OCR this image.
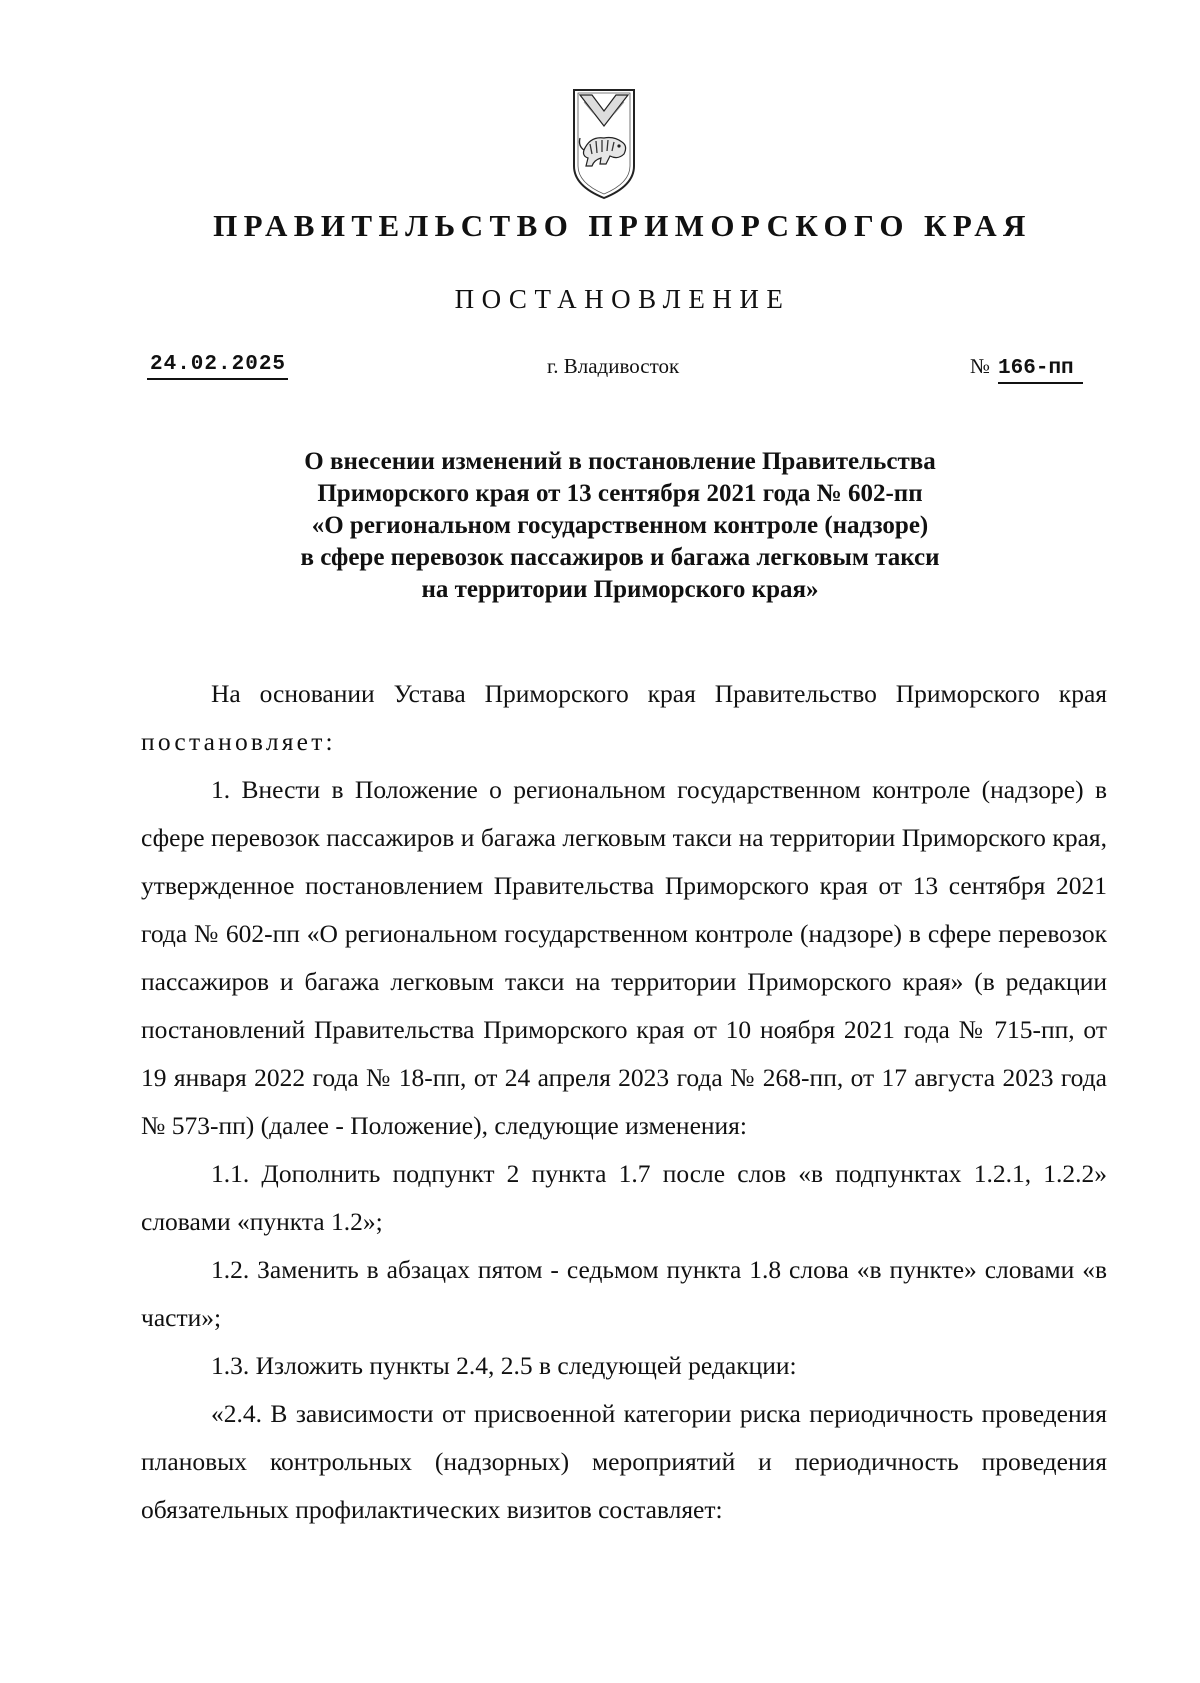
ПРАВИТЕЛЬСТВО ПРИМОРСКОГО КРАЯ
ПОСТАНОВЛЕНИЕ
24.02.2025	г. Владивосток	№ 166-пп
О внесении изменений в постановление Правительства
Приморского края от 13 сентября 2021 года № 602-пп
«О региональном государственном контроле (надзоре)
в сфере перевозок пассажиров и багажа легковым такси
на территории Приморского края»

На основании Устава Приморского края Правительство Приморского края постановляет:

1. Внести в Положение о региональном государственном контроле (надзоре) в сфере перевозок пассажиров и багажа легковым такси на территории Приморского края, утвержденное постановлением Правительства Приморского края от 13 сентября 2021 года № 602-пп «О региональном государственном контроле (надзоре) в сфере перевозок пассажиров и багажа легковым такси на территории Приморского края» (в редакции постановлений Правительства Приморского края от 10 ноября 2021 года № 715-пп, от 19 января 2022 года № 18-пп, от 24 апреля 2023 года № 268-пп, от 17 августа 2023 года № 573-пп) (далее - Положение), следующие изменения:

1.1. Дополнить подпункт 2 пункта 1.7 после слов «в подпунктах 1.2.1, 1.2.2» словами «пункта 1.2»;

1.2. Заменить в абзацах пятом - седьмом пункта 1.8 слова «в пункте» словами «в части»;

1.3. Изложить пункты 2.4, 2.5 в следующей редакции:

«2.4. В зависимости от присвоенной категории риска периодичность проведения плановых контрольных (надзорных) мероприятий и периодичность проведения обязательных профилактических визитов составляет:
